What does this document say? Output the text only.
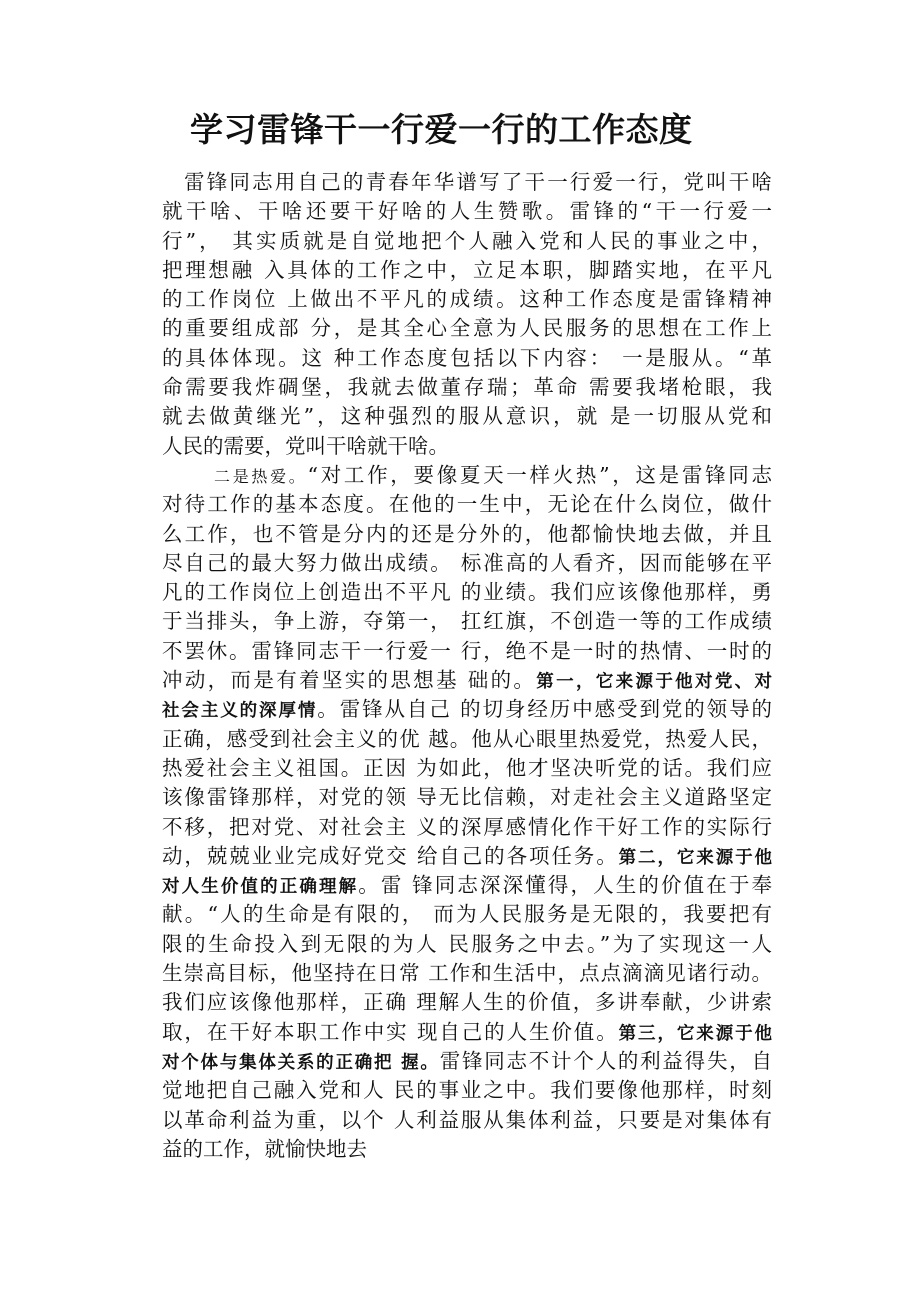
学习雷锋干一行爱一行的工作态度
雷锋同志用自己的青春年华谱写了干一行爱一行，党叫干啥
就干啥、干啥还要干好啥的人生赞歌。雷锋的“干一行爱一
行”， 其实质就是自觉地把个人融入党和人民的事业之中，
把理想融 入具体的工作之中，立足本职，脚踏实地，在平凡
的工作岗位 上做出不平凡的成绩。这种工作态度是雷锋精神
的重要组成部 分，是其全心全意为人民服务的思想在工作上
的具体体现。这 种工作态度包括以下内容： 一是服从。“革
命需要我炸碉堡，我就去做董存瑞；革命 需要我堵枪眼，我
就去做黄继光”，这种强烈的服从意识，就 是一切服从党和
人民的需要，党叫干啥就干啥。
二是热爱。“对工作，要像夏天一样火热”，这是雷锋同志
对待工作的基本态度。在他的一生中，无论在什么岗位，做什
么工作，也不管是分内的还是分外的，他都愉快地去做，并且
尽自己的最大努力做出成绩。 标准高的人看齐，因而能够在平
凡的工作岗位上创造出不平凡 的业绩。我们应该像他那样，勇
于当排头，争上游，夺第一， 扛红旗，不创造一等的工作成绩
不罢休。雷锋同志干一行爱一 行，绝不是一时的热情、一时的
冲动，而是有着坚实的思想基 础的。第一，它来源于他对党、对
社会主义的深厚情。雷锋从自己 的切身经历中感受到党的领导的
正确，感受到社会主义的优 越。他从心眼里热爱党，热爱人民，
热爱社会主义祖国。正因 为如此，他才坚决听党的话。我们应
该像雷锋那样，对党的领 导无比信赖，对走社会主义道路坚定
不移，把对党、对社会主 义的深厚感情化作干好工作的实际行
动，兢兢业业完成好党交 给自己的各项任务。第二，它来源于他
对人生价值的正确理解。雷 锋同志深深懂得，人生的价值在于奉
献。“人的生命是有限的， 而为人民服务是无限的，我要把有
限的生命投入到无限的为人 民服务之中去。”为了实现这一人
生崇高目标，他坚持在日常 工作和生活中，点点滴滴见诸行动。
我们应该像他那样，正确 理解人生的价值，多讲奉献，少讲索
取，在干好本职工作中实 现自己的人生价值。第三，它来源于他
对个体与集体关系的正确把 握。雷锋同志不计个人的利益得失，自
觉地把自己融入党和人 民的事业之中。我们要像他那样，时刻
以革命利益为重，以个 人利益服从集体利益，只要是对集体有
益的工作，就愉快地去
